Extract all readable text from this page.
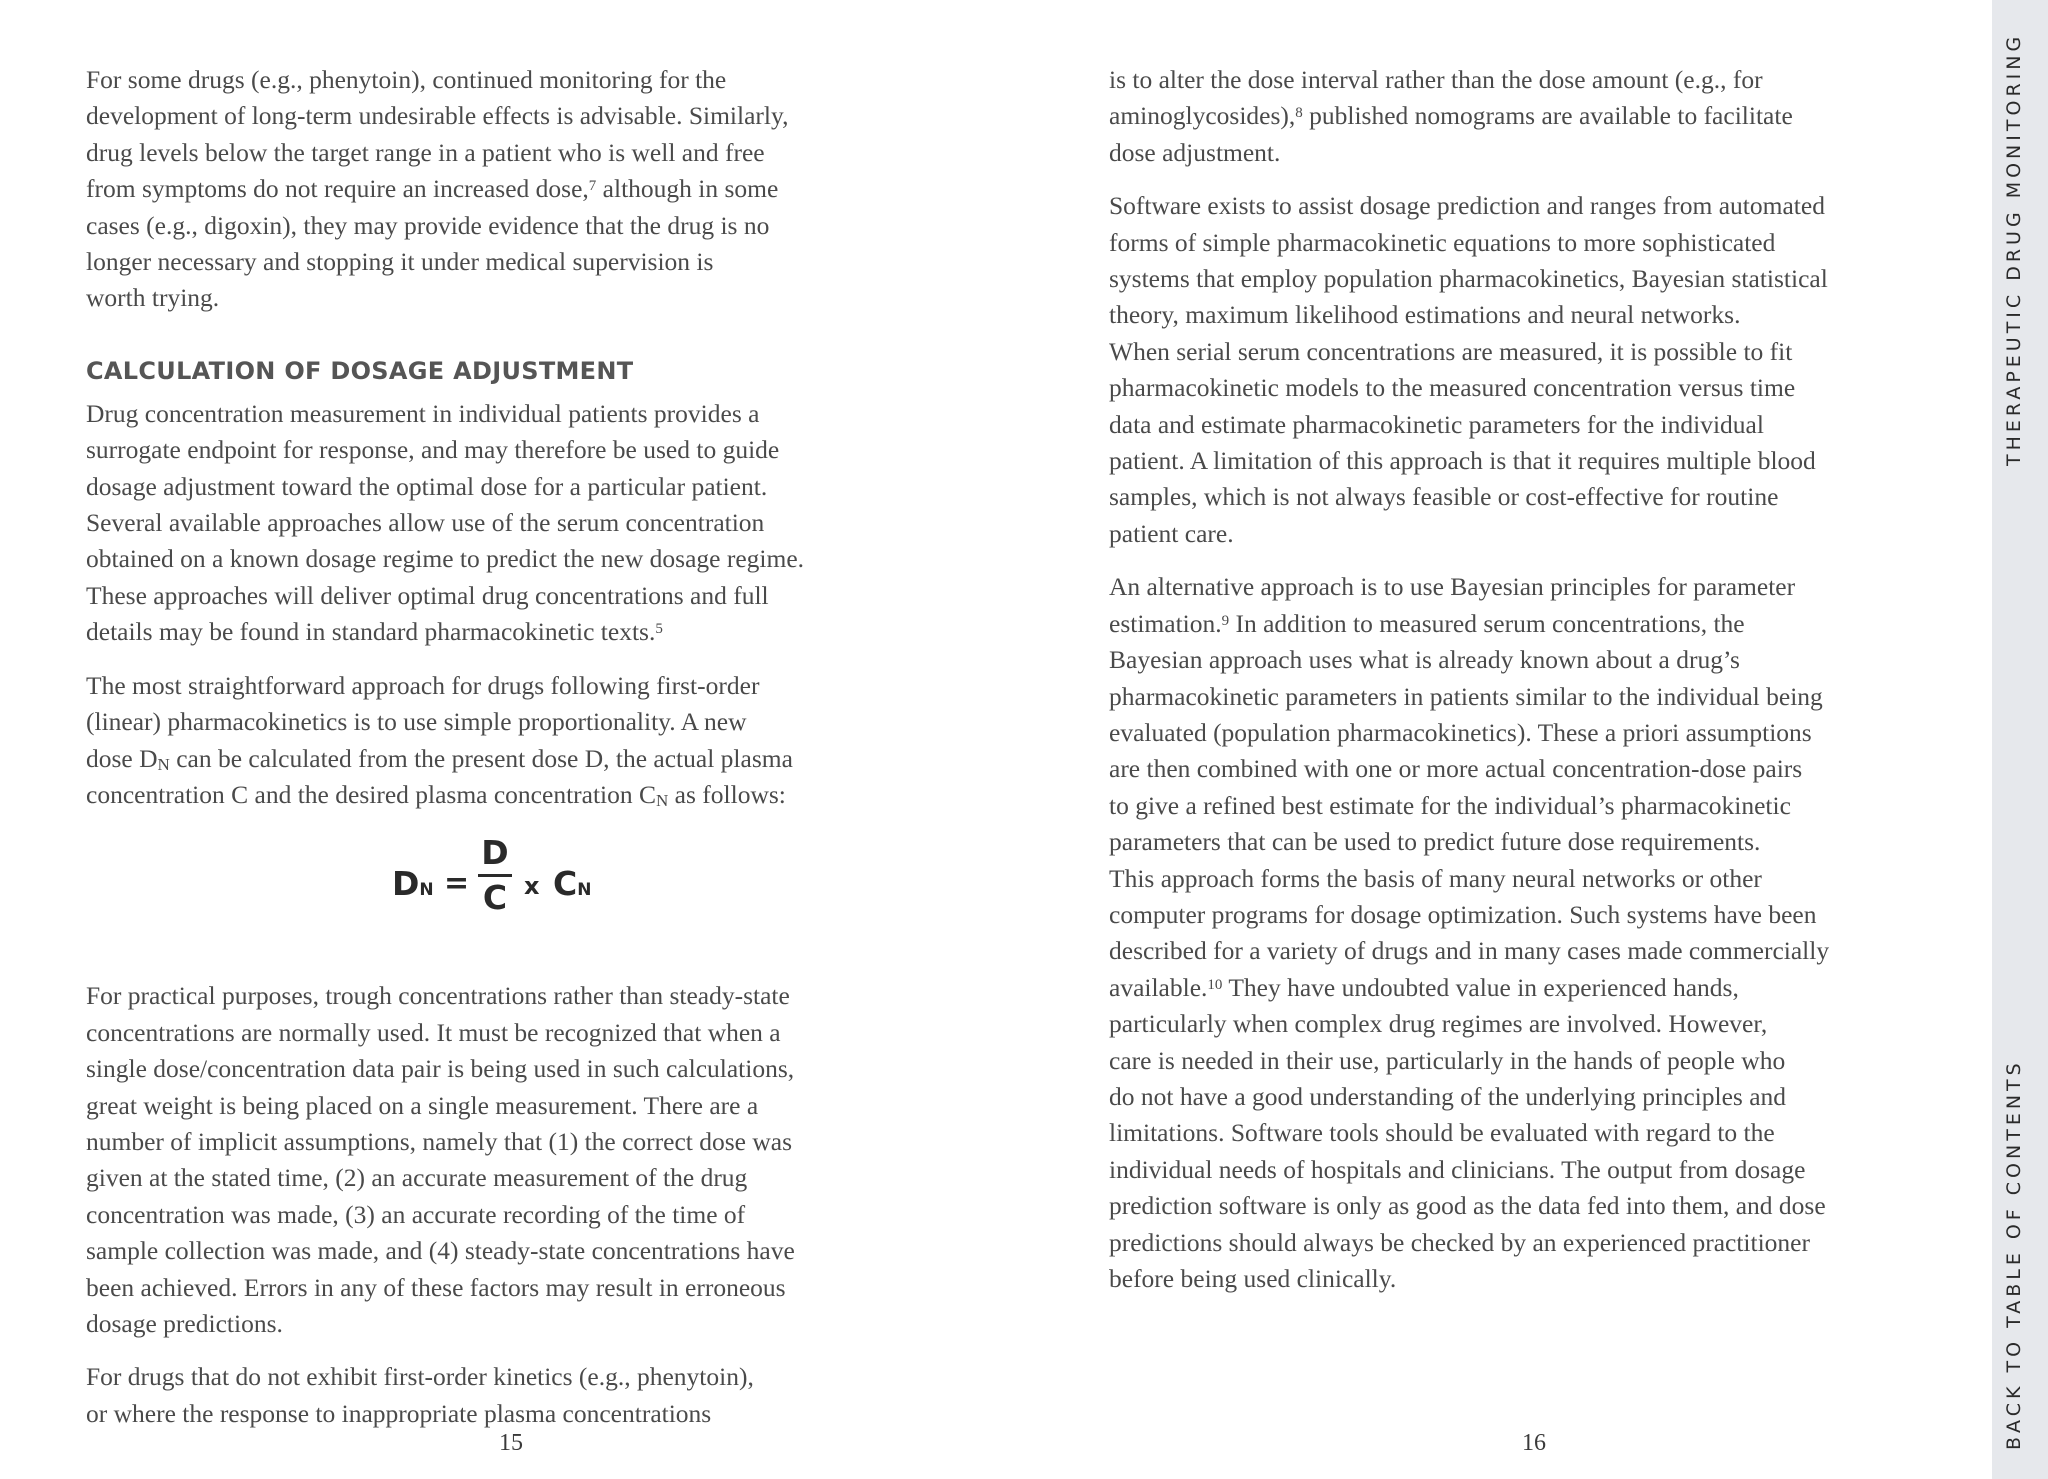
For some drugs (e.g., phenytoin), continued monitoring for the
development of long-term undesirable effects is advisable. Similarly,
drug levels below the target range in a patient who is well and free
from symptoms do not require an increased dose,$^7$ although in some
cases (e.g., digoxin), they may provide evidence that the drug is no
longer necessary and stopping it under medical supervision is
worth trying.

CALCULATION OF DOSAGE ADJUSTMENT

Drug concentration measurement in individual patients provides a
surrogate endpoint for response, and may therefore be used to guide
dosage adjustment toward the optimal dose for a particular patient.
Several available approaches allow use of the serum concentration
obtained on a known dosage regime to predict the new dosage regime.
These approaches will deliver optimal drug concentrations and full
details may be found in standard pharmacokinetic texts.$^5$

The most straightforward approach for drugs following first-order
(linear) pharmacokinetics is to use simple proportionality. A new
dose $D_N$ can be calculated from the present dose D, the actual plasma
concentration C and the desired plasma concentration $C_N$ as follows:

DN =
D
C x CN

For practical purposes, trough concentrations rather than steady-state
concentrations are normally used. It must be recognized that when a
single dose/concentration data pair is being used in such calculations,
great weight is being placed on a single measurement. There are a
number of implicit assumptions, namely that (1) the correct dose was
given at the stated time, (2) an accurate measurement of the drug
concentration was made, (3) an accurate recording of the time of
sample collection was made, and (4) steady-state concentrations have
been achieved. Errors in any of these factors may result in erroneous
dosage predictions.

For drugs that do not exhibit first-order kinetics (e.g., phenytoin),
or where the response to inappropriate plasma concentrations

15

is to alter the dose interval rather than the dose amount (e.g., for
aminoglycosides),$^8$ published nomograms are available to facilitate
dose adjustment.

Software exists to assist dosage prediction and ranges from automated
forms of simple pharmacokinetic equations to more sophisticated
systems that employ population pharmacokinetics, Bayesian statistical
theory, maximum likelihood estimations and neural networks.
When serial serum concentrations are measured, it is possible to fit
pharmacokinetic models to the measured concentration versus time
data and estimate pharmacokinetic parameters for the individual
patient. A limitation of this approach is that it requires multiple blood
samples, which is not always feasible or cost-effective for routine
patient care.

An alternative approach is to use Bayesian principles for parameter
estimation.$^9$ In addition to measured serum concentrations, the
Bayesian approach uses what is already known about a drug’s
pharmacokinetic parameters in patients similar to the individual being
evaluated (population pharmacokinetics). These a priori assumptions
are then combined with one or more actual concentration-dose pairs
to give a refined best estimate for the individual’s pharmacokinetic
parameters that can be used to predict future dose requirements.
This approach forms the basis of many neural networks or other
computer programs for dosage optimization. Such systems have been
described for a variety of drugs and in many cases made commercially
available.$^{10}$ They have undoubted value in experienced hands,
particularly when complex drug regimes are involved. However,
care is needed in their use, particularly in the hands of people who
do not have a good understanding of the underlying principles and
limitations. Software tools should be evaluated with regard to the
individual needs of hospitals and clinicians. The output from dosage
prediction software is only as good as the data fed into them, and dose
predictions should always be checked by an experienced practitioner
before being used clinically.

16
THERAPEUTIC DRUG MONITORING
BACK TO TABLE OF CONTENTS
